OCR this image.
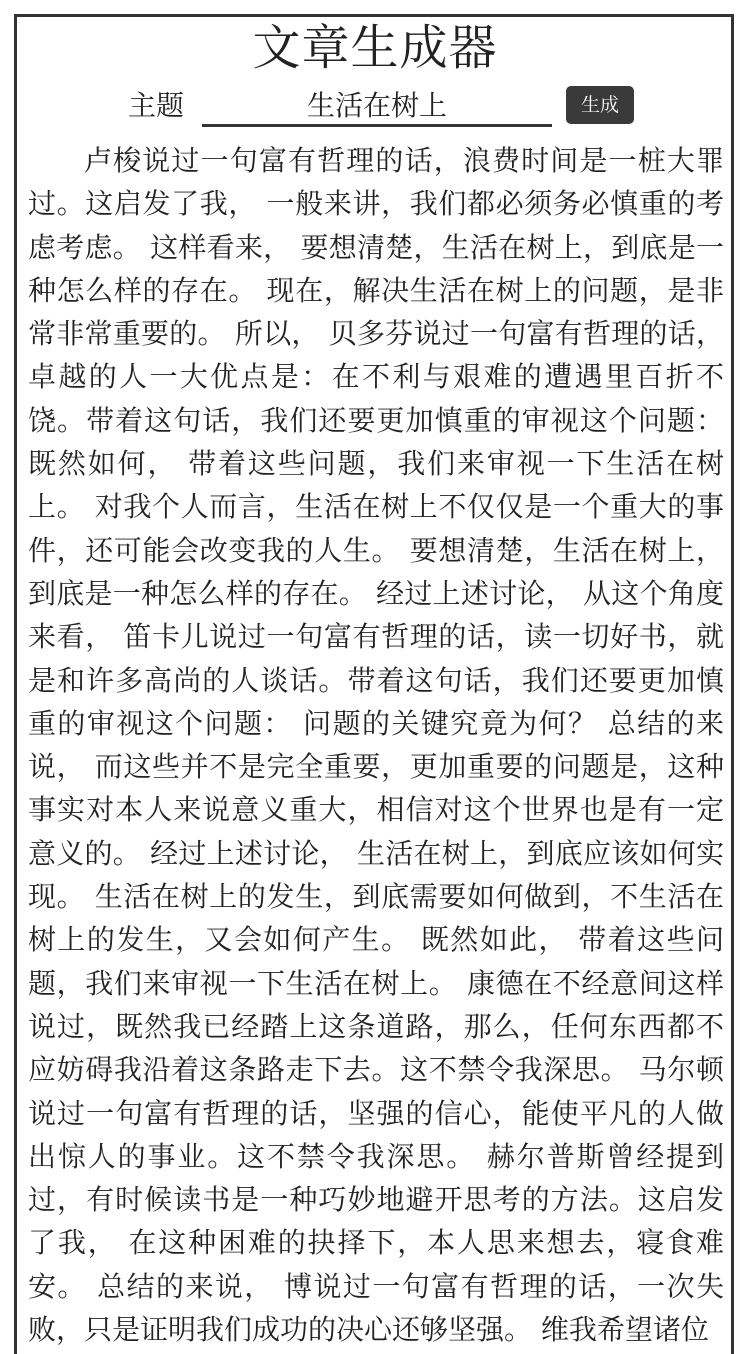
文章生成器
主题
生活在树上	生成

卢梭说过一句富有哲理的话，浪费时间是一桩大罪过。这启发了我， 一般来讲，我们都必须务必慎重的考虑考虑。 这样看来， 要想清楚，生活在树上，到底是一种怎么样的存在。 现在，解决生活在树上的问题，是非常非常重要的。 所以， 贝多芬说过一句富有哲理的话，卓越的人一大优点是：在不利与艰难的遭遇里百折不饶。带着这句话，我们还要更加慎重的审视这个问题： 既然如何， 带着这些问题，我们来审视一下生活在树上。 对我个人而言，生活在树上不仅仅是一个重大的事件，还可能会改变我的人生。 要想清楚，生活在树上，到底是一种怎么样的存在。 经过上述讨论， 从这个角度来看， 笛卡儿说过一句富有哲理的话，读一切好书，就是和许多高尚的人谈话。带着这句话，我们还要更加慎重的审视这个问题： 问题的关键究竟为何？ 总结的来说， 而这些并不是完全重要，更加重要的问题是，这种事实对本人来说意义重大，相信对这个世界也是有一定意义的。 经过上述讨论， 生活在树上，到底应该如何实现。 生活在树上的发生，到底需要如何做到，不生活在树上的发生，又会如何产生。 既然如此， 带着这些问题，我们来审视一下生活在树上。 康德在不经意间这样说过，既然我已经踏上这条道路，那么，任何东西都不应妨碍我沿着这条路走下去。这不禁令我深思。 马尔顿说过一句富有哲理的话，坚强的信心，能使平凡的人做出惊人的事业。这不禁令我深思。 赫尔普斯曾经提到过，有时候读书是一种巧妙地避开思考的方法。这启发了我， 在这种困难的抉择下，本人思来想去，寝食难安。 总结的来说， 博说过一句富有哲理的话，一次失败，只是证明我们成功的决心还够坚强。 维我希望诸位
